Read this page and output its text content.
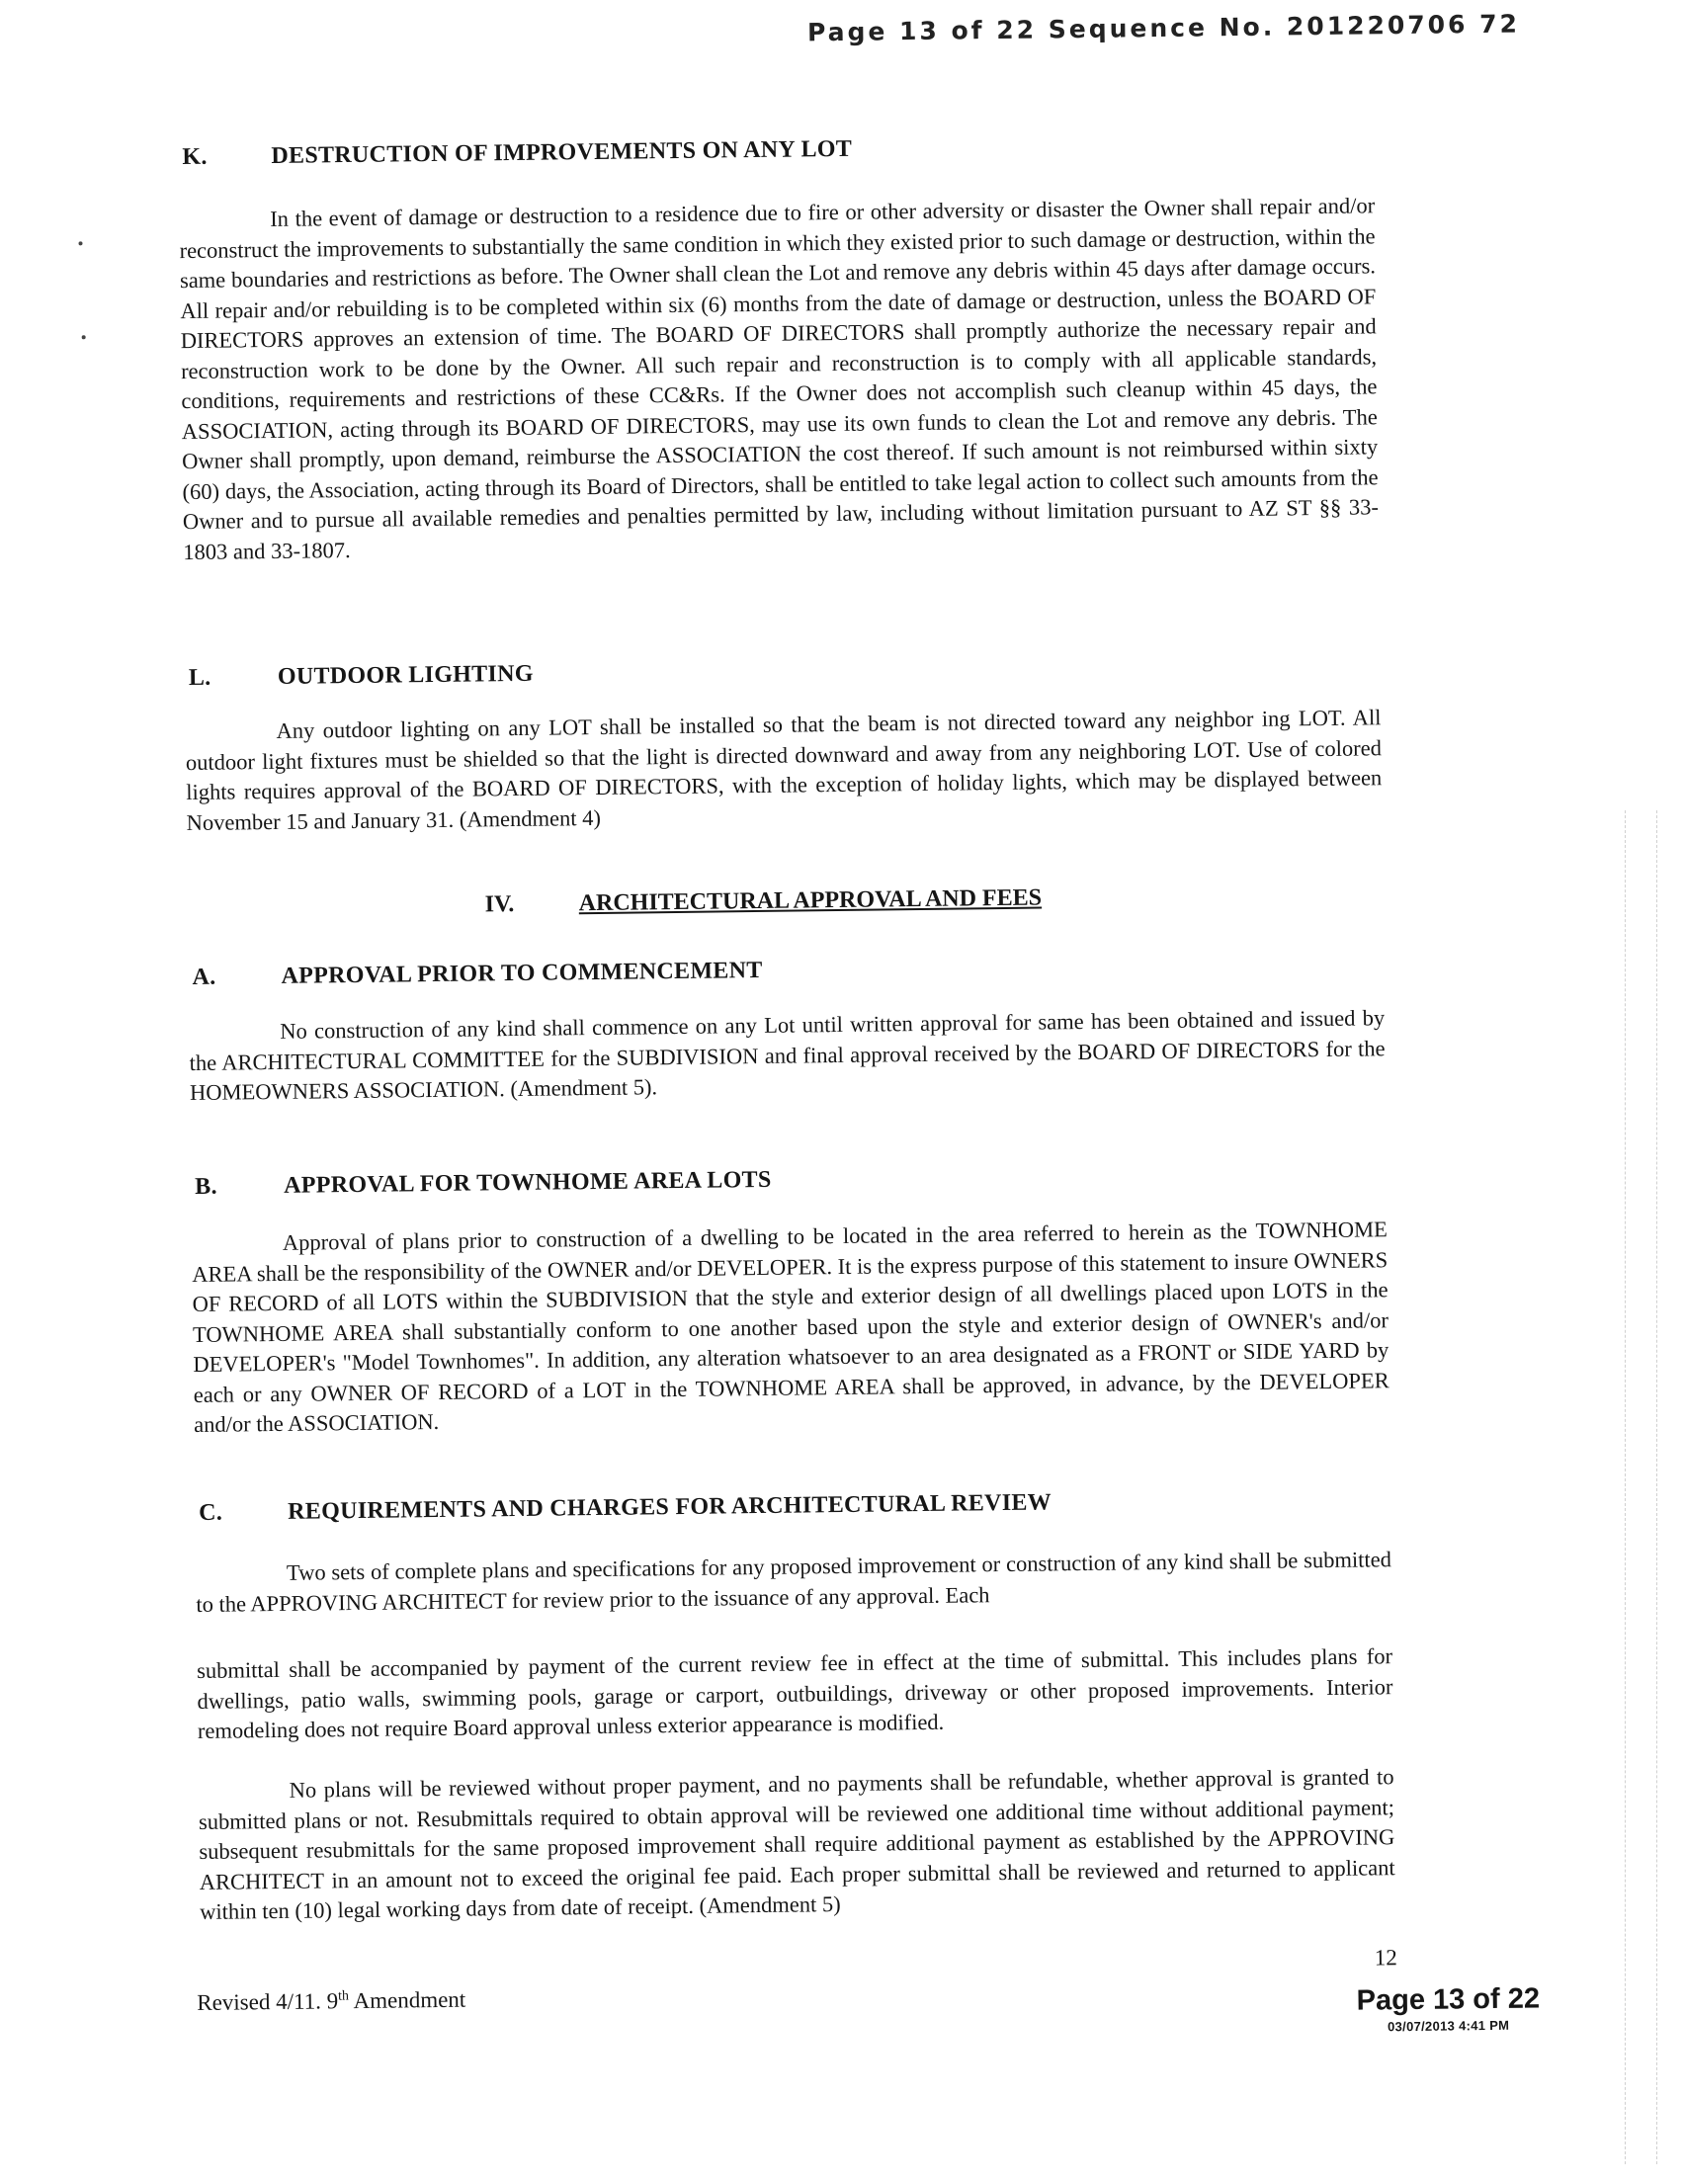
Page 13 of 22 Sequence No. 201220706 72
K.	DESTRUCTION OF IMPROVEMENTS ON ANY LOT

In the event of damage or destruction to a residence due to fire or other adversity or disaster the Owner shall repair and/or reconstruct the improvements to substantially the same condition in which they existed prior to such damage or destruction, within the same boundaries and restrictions as before. The Owner shall clean the Lot and remove any debris within 45 days after damage occurs. All repair and/or rebuilding is to be completed within six (6) months from the date of damage or destruction, unless the BOARD OF DIRECTORS approves an extension of time. The BOARD OF DIRECTORS shall promptly authorize the necessary repair and reconstruction work to be done by the Owner. All such repair and reconstruction is to comply with all applicable standards, conditions, requirements and restrictions of these CC&Rs. If the Owner does not accomplish such cleanup within 45 days, the ASSOCIATION, acting through its BOARD OF DIRECTORS, may use its own funds to clean the Lot and remove any debris. The Owner shall promptly, upon demand, reimburse the ASSOCIATION the cost thereof. If such amount is not reimbursed within sixty (60) days, the Association, acting through its Board of Directors, shall be entitled to take legal action to collect such amounts from the Owner and to pursue all available remedies and penalties permitted by law, including without limitation pursuant to AZ ST §§ 33-1803 and 33-1807.

L.	OUTDOOR LIGHTING

Any outdoor lighting on any LOT shall be installed so that the beam is not directed toward any neighbor ing LOT. All outdoor light fixtures must be shielded so that the light is directed downward and away from any neighboring LOT. Use of colored lights requires approval of the BOARD OF DIRECTORS, with the exception of holiday lights, which may be displayed between November 15 and January 31. (Amendment 4)

IV.	ARCHITECTURAL APPROVAL AND FEES
A.	APPROVAL PRIOR TO COMMENCEMENT

No construction of any kind shall commence on any Lot until written approval for same has been obtained and issued by the ARCHITECTURAL COMMITTEE for the SUBDIVISION and final approval received by the BOARD OF DIRECTORS for the HOMEOWNERS ASSOCIATION. (Amendment 5).

B.	APPROVAL FOR TOWNHOME AREA LOTS

Approval of plans prior to construction of a dwelling to be located in the area referred to herein as the TOWNHOME AREA shall be the responsibility of the OWNER and/or DEVELOPER. It is the express purpose of this statement to insure OWNERS OF RECORD of all LOTS within the SUBDIVISION that the style and exterior design of all dwellings placed upon LOTS in the TOWNHOME AREA shall substantially conform to one another based upon the style and exterior design of OWNER's and/or DEVELOPER's "Model Townhomes". In addition, any alteration whatsoever to an area designated as a FRONT or SIDE YARD by each or any OWNER OF RECORD of a LOT in the TOWNHOME AREA shall be approved, in advance, by the DEVELOPER and/or the ASSOCIATION.

C.	REQUIREMENTS AND CHARGES FOR ARCHITECTURAL REVIEW

Two sets of complete plans and specifications for any proposed improvement or construction of any kind shall be submitted to the APPROVING ARCHITECT for review prior to the issuance of any approval. Each

submittal shall be accompanied by payment of the current review fee in effect at the time of submittal. This includes plans for dwellings, patio walls, swimming pools, garage or carport, outbuildings, driveway or other proposed improvements. Interior remodeling does not require Board approval unless exterior appearance is modified.

No plans will be reviewed without proper payment, and no payments shall be refundable, whether approval is granted to submitted plans or not. Resubmittals required to obtain approval will be reviewed one additional time without additional payment; subsequent resubmittals for the same proposed improvement shall require additional payment as established by the APPROVING ARCHITECT in an amount not to exceed the original fee paid. Each proper submittal shall be reviewed and returned to applicant within ten (10) legal working days from date of receipt. (Amendment 5)

Revised 4/11. 9th Amendment
12
Page 13 of 22
03/07/2013 4:41 PM
